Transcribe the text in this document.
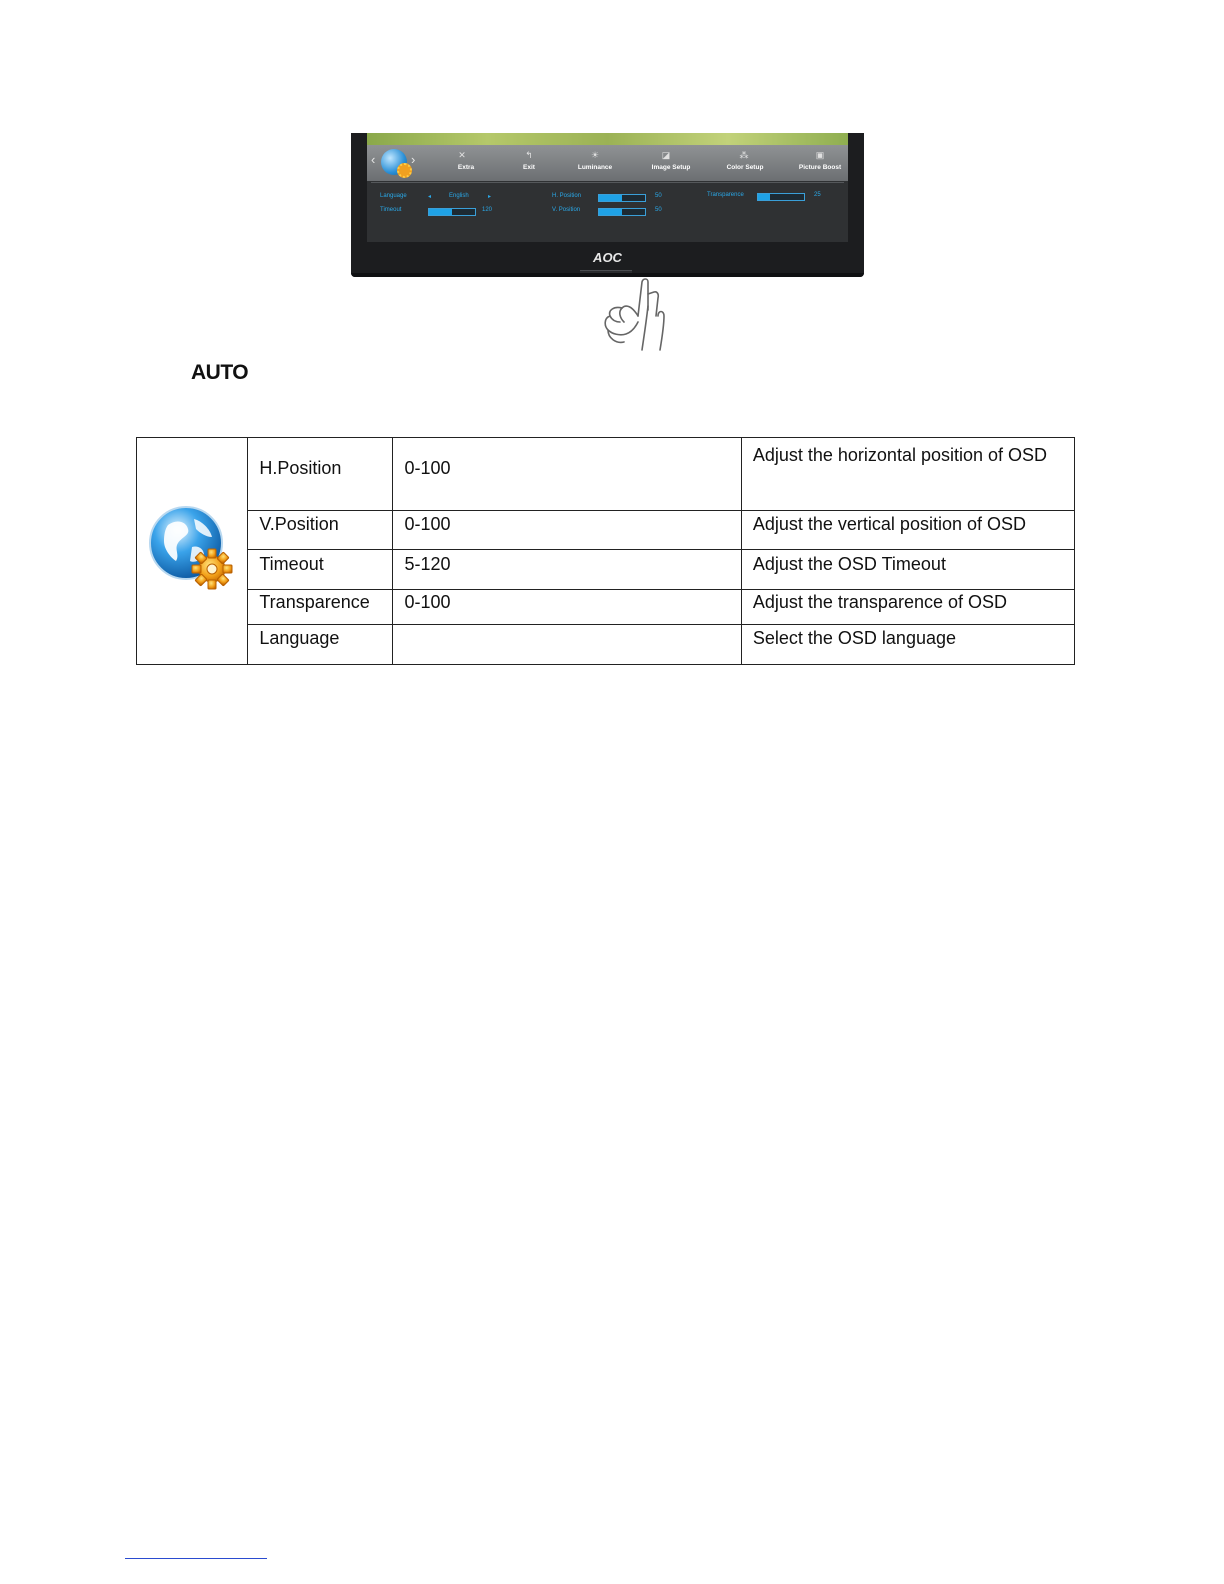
‹	›	✕
Extra
↰
Exit
☀
Luminance
◪
Image Setup
⁂
Color Setup
▣
Picture Boost
Language	◂	English	▸
Timeout	120
H. Position	50
V. Position	50
Transparence	25
AOC
AUTO
	H.Position	0-100	Adjust the horizontal position of OSD
	V.Position	0-100	Adjust the vertical position of OSD
	Timeout	5-120	Adjust the OSD Timeout
	Transparence	0-100	Adjust the transparence of OSD
	Language		Select the OSD language
